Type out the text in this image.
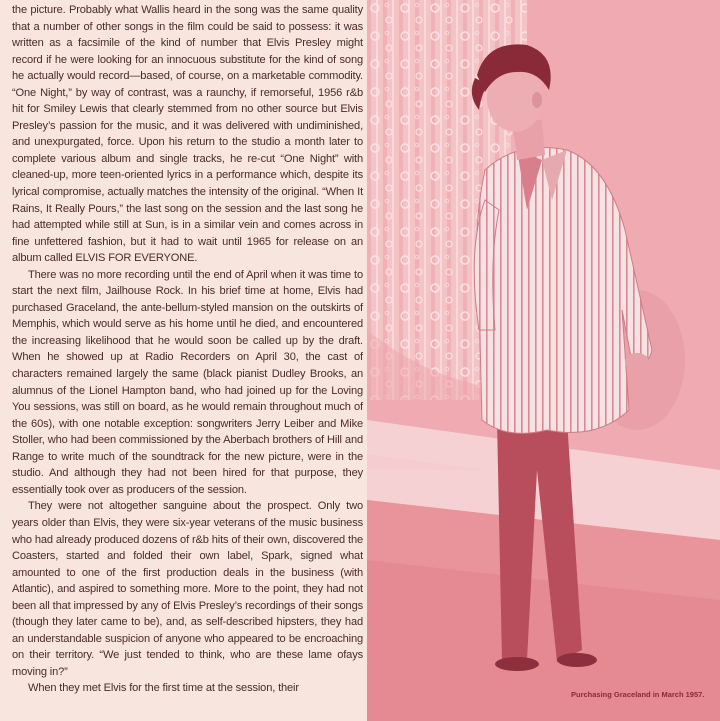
the picture. Probably what Wallis heard in the song was the same quality that a number of other songs in the film could be said to possess: it was written as a facsimile of the kind of number that Elvis Presley might record if he were looking for an innocuous substitute for the kind of song he actually would record—based, of course, on a marketable commodity. “One Night,” by way of contrast, was a raunchy, if remorseful, 1956 r&b hit for Smiley Lewis that clearly stemmed from no other source but Elvis Presley’s passion for the music, and it was delivered with undiminished, and unexpurgated, force. Upon his return to the studio a month later to complete various album and single tracks, he re-cut “One Night” with cleaned-up, more teen-oriented lyrics in a performance which, despite its lyrical compromise, actually matches the intensity of the original. “When It Rains, It Really Pours,” the last song on the session and the last song he had attempted while still at Sun, is in a similar vein and comes across in fine unfettered fashion, but it had to wait until 1965 for release on an album called ELVIS FOR EVERYONE.

There was no more recording until the end of April when it was time to start the next film, Jailhouse Rock. In his brief time at home, Elvis had purchased Graceland, the ante-bellum-styled mansion on the outskirts of Memphis, which would serve as his home until he died, and encountered the increasing likelihood that he would soon be called up by the draft. When he showed up at Radio Recorders on April 30, the cast of characters remained largely the same (black pianist Dudley Brooks, an alumnus of the Lionel Hampton band, who had joined up for the Loving You sessions, was still on board, as he would remain throughout much of the 60s), with one notable exception: songwriters Jerry Leiber and Mike Stoller, who had been commissioned by the Aberbach brothers of Hill and Range to write much of the soundtrack for the new picture, were in the studio. And although they had not been hired for that purpose, they essentially took over as producers of the session.

They were not altogether sanguine about the prospect. Only two years older than Elvis, they were six-year veterans of the music business who had already produced dozens of r&b hits of their own, discovered the Coasters, started and folded their own label, Spark, signed what amounted to one of the first production deals in the business (with Atlantic), and aspired to something more. More to the point, they had not been all that impressed by any of Elvis Presley’s recordings of their songs (though they later came to be), and, as self-described hipsters, they had an understandable suspicion of anyone who appeared to be encroaching on their territory. “We just tended to think, who are these lame ofays moving in?”

When they met Elvis for the first time at the session, their

Purchasing Graceland in March 1957.
